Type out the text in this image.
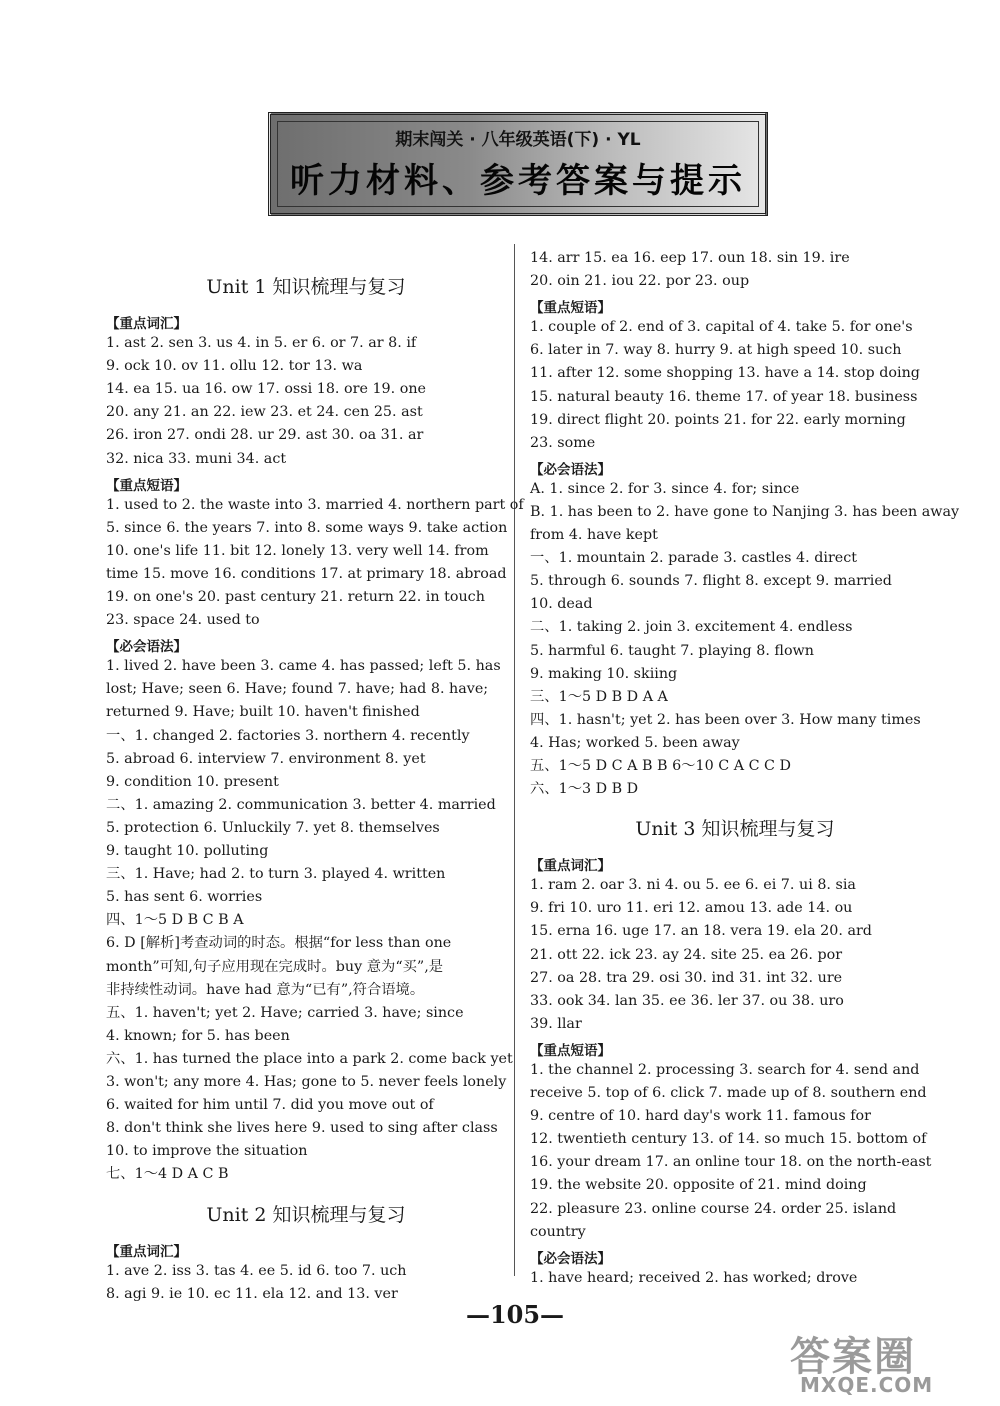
期末闯关 · 八年级英语(下) · YL
听力材料、参考答案与提示
—105—
答案圈
MXQE.COM
Unit 1 知识梳理与复习
【重点词汇】
1. ast 2. sen 3. us 4. in 5. er 6. or 7. ar 8. if
9. ock 10. ov 11. ollu 12. tor 13. wa
14. ea 15. ua 16. ow 17. ossi 18. ore 19. one
20. any 21. an 22. iew 23. et 24. cen 25. ast
26. iron 27. ondi 28. ur 29. ast 30. oa 31. ar
32. nica 33. muni 34. act
【重点短语】
1. used to 2. the waste into 3. married 4. northern part of
5. since 6. the years 7. into 8. some ways 9. take action
10. one's life 11. bit 12. lonely 13. very well 14. from
time 15. move 16. conditions 17. at primary 18. abroad
19. on one's 20. past century 21. return 22. in touch
23. space 24. used to
【必会语法】
1. lived 2. have been 3. came 4. has passed; left 5. has
lost; Have; seen 6. Have; found 7. have; had 8. have;
returned 9. Have; built 10. haven't finished
一、1. changed 2. factories 3. northern 4. recently
5. abroad 6. interview 7. environment 8. yet
9. condition 10. present
二、1. amazing 2. communication 3. better 4. married
5. protection 6. Unluckily 7. yet 8. themselves
9. taught 10. polluting
三、1. Have; had 2. to turn 3. played 4. written
5. has sent 6. worries
四、1～5 D B C B A
6. D [解析]考查动词的时态。根据“for less than one
month”可知,句子应用现在完成时。buy 意为“买”,是
非持续性动词。have had 意为“已有”,符合语境。
五、1. haven't; yet 2. Have; carried 3. have; since
4. known; for 5. has been
六、1. has turned the place into a park 2. come back yet
3. won't; any more 4. Has; gone to 5. never feels lonely
6. waited for him until 7. did you move out of
8. don't think she lives here 9. used to sing after class
10. to improve the situation
七、1～4 D A C B
Unit 2 知识梳理与复习
【重点词汇】
1. ave 2. iss 3. tas 4. ee 5. id 6. too 7. uch
8. agi 9. ie 10. ec 11. ela 12. and 13. ver
14. arr 15. ea 16. eep 17. oun 18. sin 19. ire
20. oin 21. iou 22. por 23. oup
【重点短语】
1. couple of 2. end of 3. capital of 4. take 5. for one's
6. later in 7. way 8. hurry 9. at high speed 10. such
11. after 12. some shopping 13. have a 14. stop doing
15. natural beauty 16. theme 17. of year 18. business
19. direct flight 20. points 21. for 22. early morning
23. some
【必会语法】
A. 1. since 2. for 3. since 4. for; since
B. 1. has been to 2. have gone to Nanjing 3. has been away
from 4. have kept
一、1. mountain 2. parade 3. castles 4. direct
5. through 6. sounds 7. flight 8. except 9. married
10. dead
二、1. taking 2. join 3. excitement 4. endless
5. harmful 6. taught 7. playing 8. flown
9. making 10. skiing
三、1～5 D B D A A
四、1. hasn't; yet 2. has been over 3. How many times
4. Has; worked 5. been away
五、1～5 D C A B B 6～10 C A C C D
六、1～3 D B D
Unit 3 知识梳理与复习
【重点词汇】
1. ram 2. oar 3. ni 4. ou 5. ee 6. ei 7. ui 8. sia
9. fri 10. uro 11. eri 12. amou 13. ade 14. ou
15. erna 16. uge 17. an 18. vera 19. ela 20. ard
21. ott 22. ick 23. ay 24. site 25. ea 26. por
27. oa 28. tra 29. osi 30. ind 31. int 32. ure
33. ook 34. lan 35. ee 36. ler 37. ou 38. uro
39. llar
【重点短语】
1. the channel 2. processing 3. search for 4. send and
receive 5. top of 6. click 7. made up of 8. southern end
9. centre of 10. hard day's work 11. famous for
12. twentieth century 13. of 14. so much 15. bottom of
16. your dream 17. an online tour 18. on the north-east
19. the website 20. opposite of 21. mind doing
22. pleasure 23. online course 24. order 25. island
country
【必会语法】
1. have heard; received 2. has worked; drove
